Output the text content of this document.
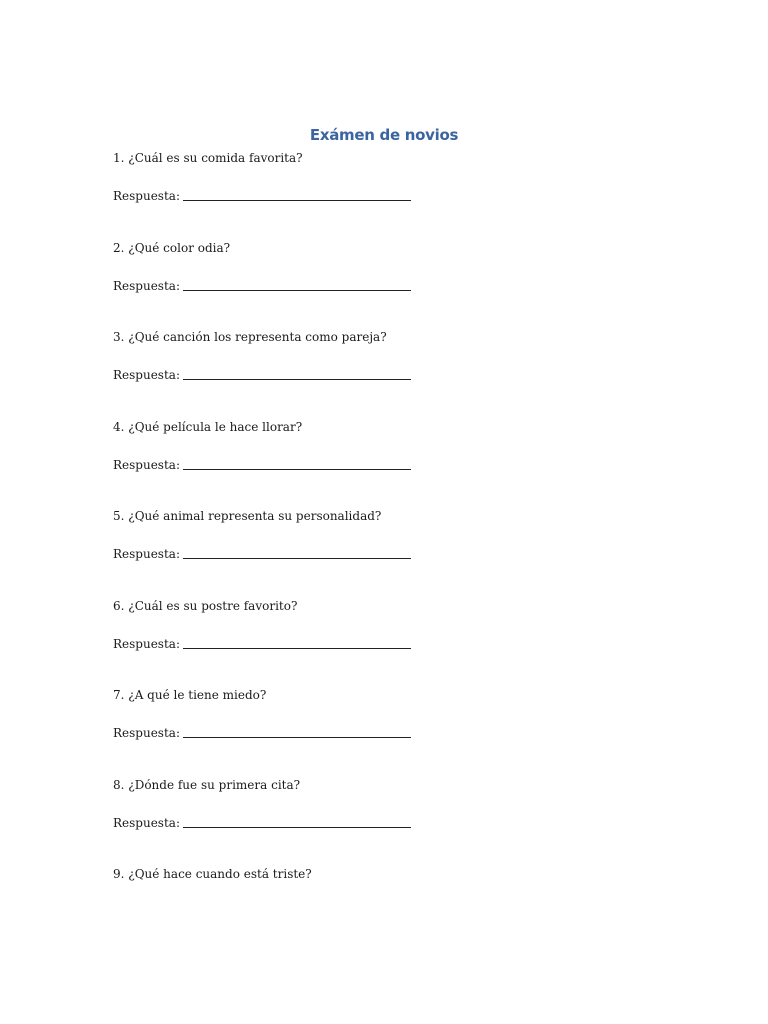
Exámen de novios
1. ¿Cuál es su comida favorita?
Respuesta:
2. ¿Qué color odia?
Respuesta:
3. ¿Qué canción los representa como pareja?
Respuesta:
4. ¿Qué película le hace llorar?
Respuesta:
5. ¿Qué animal representa su personalidad?
Respuesta:
6. ¿Cuál es su postre favorito?
Respuesta:
7. ¿A qué le tiene miedo?
Respuesta:
8. ¿Dónde fue su primera cita?
Respuesta:
9. ¿Qué hace cuando está triste?
